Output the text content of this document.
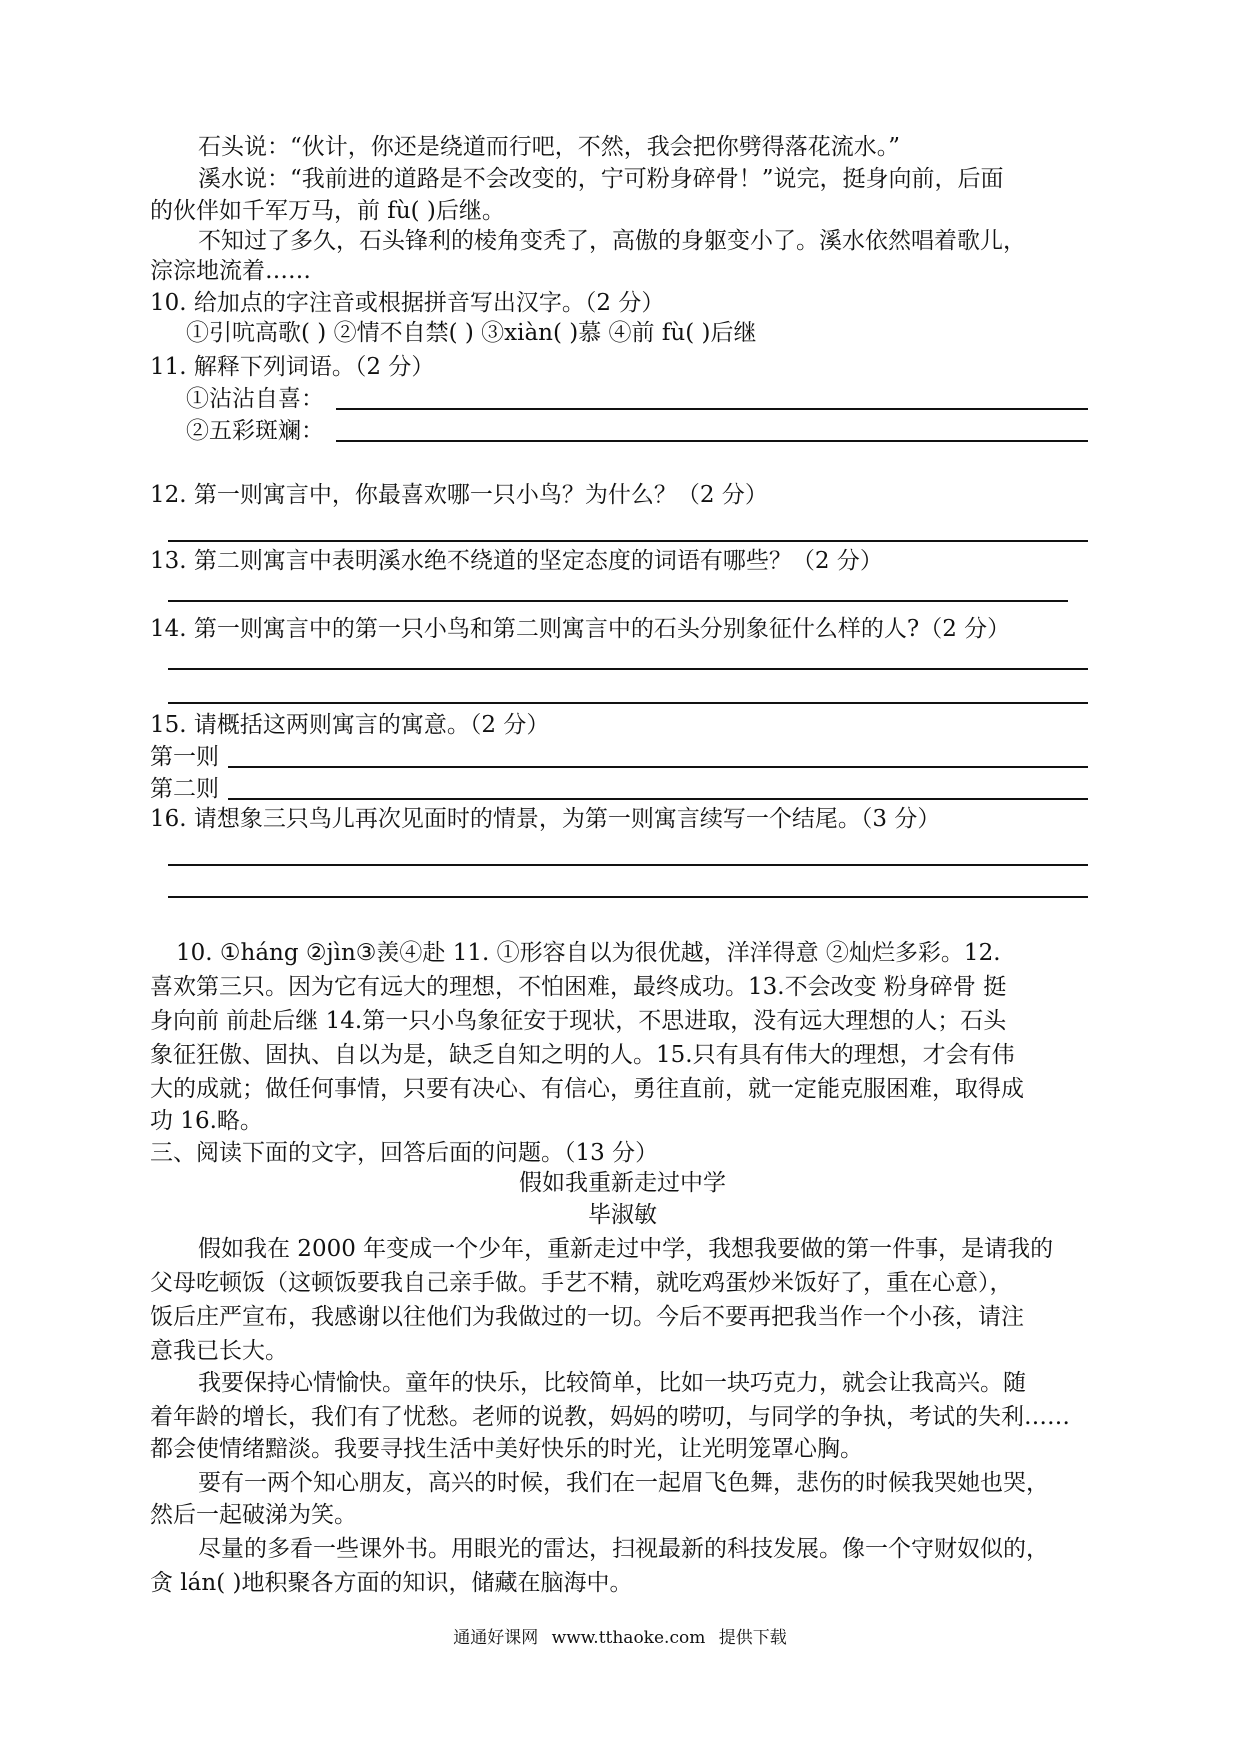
石头说：“伙计，你还是绕道而行吧，不然，我会把你劈得落花流水。”
溪水说：“我前进的道路是不会改变的，宁可粉身碎骨！”说完，挺身向前，后面
的伙伴如千军万马，前 fù( )后继。
不知过了多久，石头锋利的棱角变秃了，高傲的身躯变小了。溪水依然唱着歌儿，
淙淙地流着……
10. 给加点的字注音或根据拼音写出汉字。（2 分）
①引吭高歌( ) ②情不自禁( ) ③xiàn( )慕 ④前 fù( )后继
11. 解释下列词语。（2 分）
①沾沾自喜：
②五彩斑斓：
12. 第一则寓言中，你最喜欢哪一只小鸟？为什么？（2 分）
13. 第二则寓言中表明溪水绝不绕道的坚定态度的词语有哪些？（2 分）
14. 第一则寓言中的第一只小鸟和第二则寓言中的石头分别象征什么样的人?（2 分）
15. 请概括这两则寓言的寓意。（2 分）
第一则
第二则
16. 请想象三只鸟儿再次见面时的情景，为第一则寓言续写一个结尾。（3 分）
10. ①háng ②jìn③羡④赴 11. ①形容自以为很优越，洋洋得意 ②灿烂多彩。12.
喜欢第三只。因为它有远大的理想，不怕困难，最终成功。13.不会改变 粉身碎骨 挺
身向前 前赴后继 14.第一只小鸟象征安于现状，不思进取，没有远大理想的人；石头
象征狂傲、固执、自以为是，缺乏自知之明的人。15.只有具有伟大的理想，才会有伟
大的成就；做任何事情，只要有决心、有信心，勇往直前，就一定能克服困难，取得成
功 16.略。
三、阅读下面的文字，回答后面的问题。（13 分）
假如我重新走过中学
毕淑敏
假如我在 2000 年变成一个少年，重新走过中学，我想我要做的第一件事，是请我的
父母吃顿饭（这顿饭要我自己亲手做。手艺不精，就吃鸡蛋炒米饭好了，重在心意），
饭后庄严宣布，我感谢以往他们为我做过的一切。今后不要再把我当作一个小孩，请注
意我已长大。
我要保持心情愉快。童年的快乐，比较简单，比如一块巧克力，就会让我高兴。随
着年龄的增长，我们有了忧愁。老师的说教，妈妈的唠叨，与同学的争执，考试的失利……
都会使情绪黯淡。我要寻找生活中美好快乐的时光，让光明笼罩心胸。
要有一两个知心朋友，高兴的时候，我们在一起眉飞色舞，悲伤的时候我哭她也哭，
然后一起破涕为笑。
尽量的多看一些课外书。用眼光的雷达，扫视最新的科技发展。像一个守财奴似的，
贪 lán( )地积聚各方面的知识，储藏在脑海中。
通通好课网 www.tthaoke.com 提供下载
